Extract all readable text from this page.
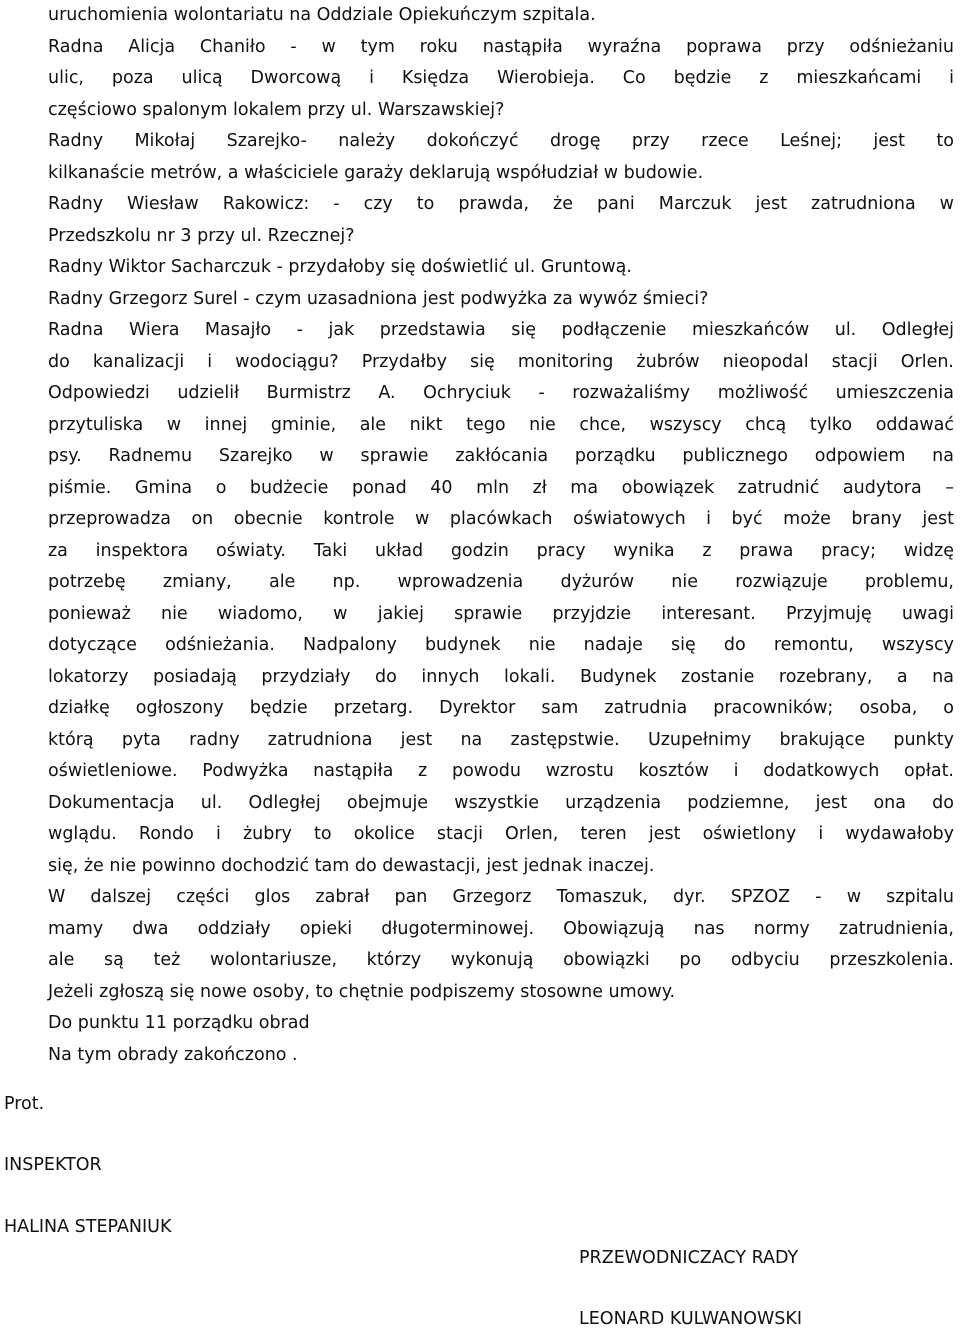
uruchomienia wolontariatu na Oddziale Opiekuńczym szpitala.
Radna Alicja Chaniło - w tym roku nastąpiła wyraźna poprawa przy odśnieżaniu
ulic, poza ulicą Dworcową i Księdza Wierobieja. Co będzie z mieszkańcami i
częściowo spalonym lokalem przy ul. Warszawskiej?
Radny Mikołaj Szarejko- należy dokończyć drogę przy rzece Leśnej; jest to
kilkanaście metrów, a właściciele garaży deklarują współudział w budowie.
Radny Wiesław Rakowicz: - czy to prawda, że pani Marczuk jest zatrudniona w
Przedszkolu nr 3 przy ul. Rzecznej?
Radny Wiktor Sacharczuk - przydałoby się doświetlić ul. Gruntową.
Radny Grzegorz Surel - czym uzasadniona jest podwyżka za wywóz śmieci?
Radna Wiera Masajło - jak przedstawia się podłączenie mieszkańców ul. Odległej
do kanalizacji i wodociągu? Przydałby się monitoring żubrów nieopodal stacji Orlen.
Odpowiedzi udzielił Burmistrz A. Ochryciuk - rozważaliśmy możliwość umieszczenia
przytuliska w innej gminie, ale nikt tego nie chce, wszyscy chcą tylko oddawać
psy. Radnemu Szarejko w sprawie zakłócania porządku publicznego odpowiem na
piśmie. Gmina o budżecie ponad 40 mln zł ma obowiązek zatrudnić audytora –
przeprowadza on obecnie kontrole w placówkach oświatowych i być może brany jest
za inspektora oświaty. Taki układ godzin pracy wynika z prawa pracy; widzę
potrzebę zmiany, ale np. wprowadzenia dyżurów nie rozwiązuje problemu,
ponieważ nie wiadomo, w jakiej sprawie przyjdzie interesant. Przyjmuję uwagi
dotyczące odśnieżania. Nadpalony budynek nie nadaje się do remontu, wszyscy
lokatorzy posiadają przydziały do innych lokali. Budynek zostanie rozebrany, a na
działkę ogłoszony będzie przetarg. Dyrektor sam zatrudnia pracowników; osoba, o
którą pyta radny zatrudniona jest na zastępstwie. Uzupełnimy brakujące punkty
oświetleniowe. Podwyżka nastąpiła z powodu wzrostu kosztów i dodatkowych opłat.
Dokumentacja ul. Odległej obejmuje wszystkie urządzenia podziemne, jest ona do
wglądu. Rondo i żubry to okolice stacji Orlen, teren jest oświetlony i wydawałoby
się, że nie powinno dochodzić tam do dewastacji, jest jednak inaczej.
W dalszej części glos zabrał pan Grzegorz Tomaszuk, dyr. SPZOZ - w szpitalu
mamy dwa oddziały opieki długoterminowej. Obowiązują nas normy zatrudnienia,
ale są też wolontariusze, którzy wykonują obowiązki po odbyciu przeszkolenia.
Jeżeli zgłoszą się nowe osoby, to chętnie podpiszemy stosowne umowy.
Do punktu 11 porządku obrad
Na tym obrady zakończono .

Prot.

INSPEKTOR

HALINA STEPANIUK

PRZEWODNICZACY RADY

LEONARD KULWANOWSKI
